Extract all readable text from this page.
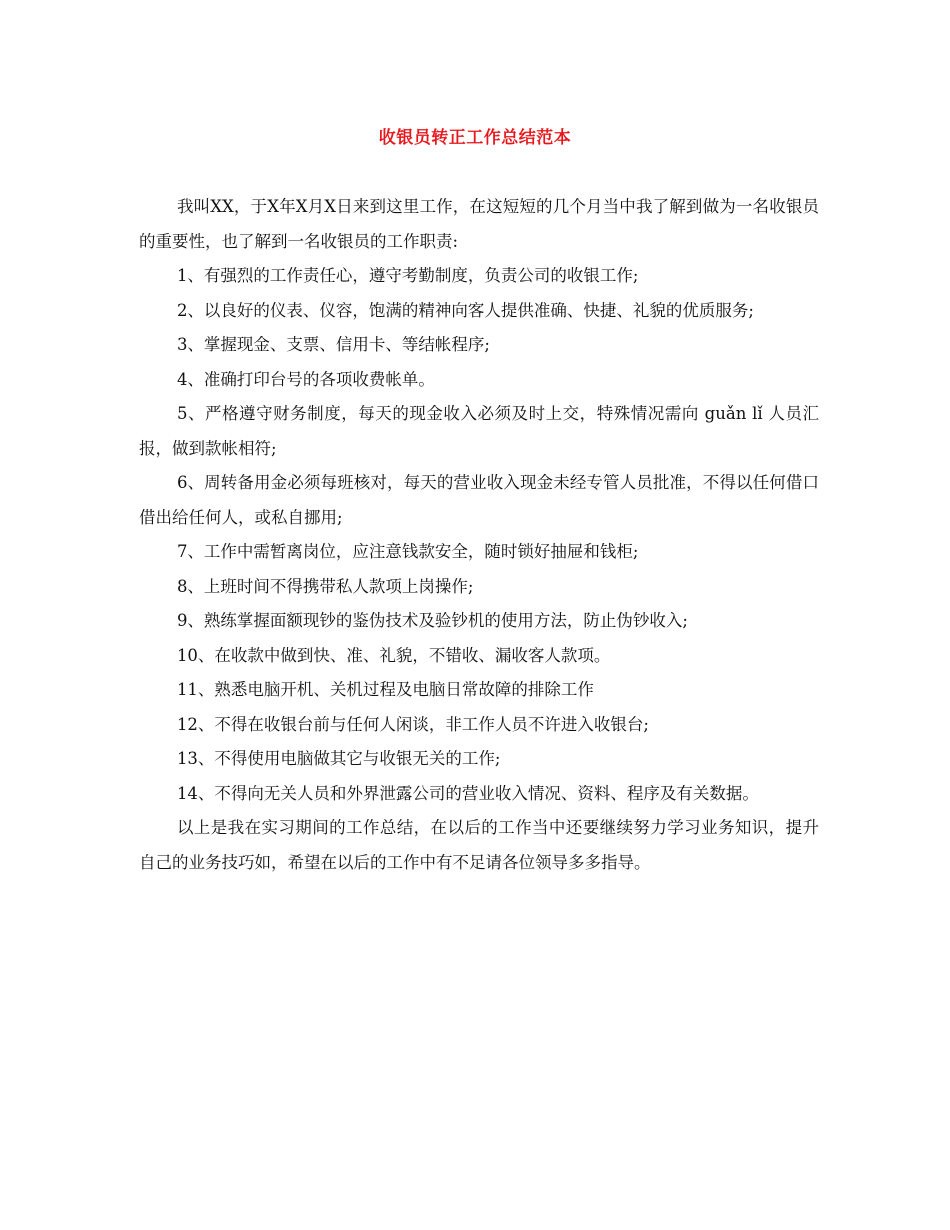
收银员转正工作总结范本

我叫XX，于X年X月X日来到这里工作，在这短短的几个月当中我了解到做为一名收银员的重要性，也了解到一名收银员的工作职责:

1、有强烈的工作责任心，遵守考勤制度，负责公司的收银工作;

2、以良好的仪表、仪容，饱满的精神向客人提供准确、快捷、礼貌的优质服务;

3、掌握现金、支票、信用卡、等结帐程序;

4、准确打印台号的各项收费帐单。

5、严格遵守财务制度，每天的现金收入必须及时上交，特殊情况需向 guǎn lǐ 人员汇报，做到款帐相符;

6、周转备用金必须每班核对，每天的营业收入现金未经专管人员批准，不得以任何借口借出给任何人，或私自挪用;

7、工作中需暂离岗位，应注意钱款安全，随时锁好抽屉和钱柜;

8、上班时间不得携带私人款项上岗操作;

9、熟练掌握面额现钞的鉴伪技术及验钞机的使用方法，防止伪钞收入;

10、在收款中做到快、准、礼貌，不错收、漏收客人款项。

11、熟悉电脑开机、关机过程及电脑日常故障的排除工作

12、不得在收银台前与任何人闲谈，非工作人员不许进入收银台;

13、不得使用电脑做其它与收银无关的工作;

14、不得向无关人员和外界泄露公司的营业收入情况、资料、程序及有关数据。

以上是我在实习期间的工作总结，在以后的工作当中还要继续努力学习业务知识，提升自己的业务技巧如，希望在以后的工作中有不足请各位领导多多指导。
